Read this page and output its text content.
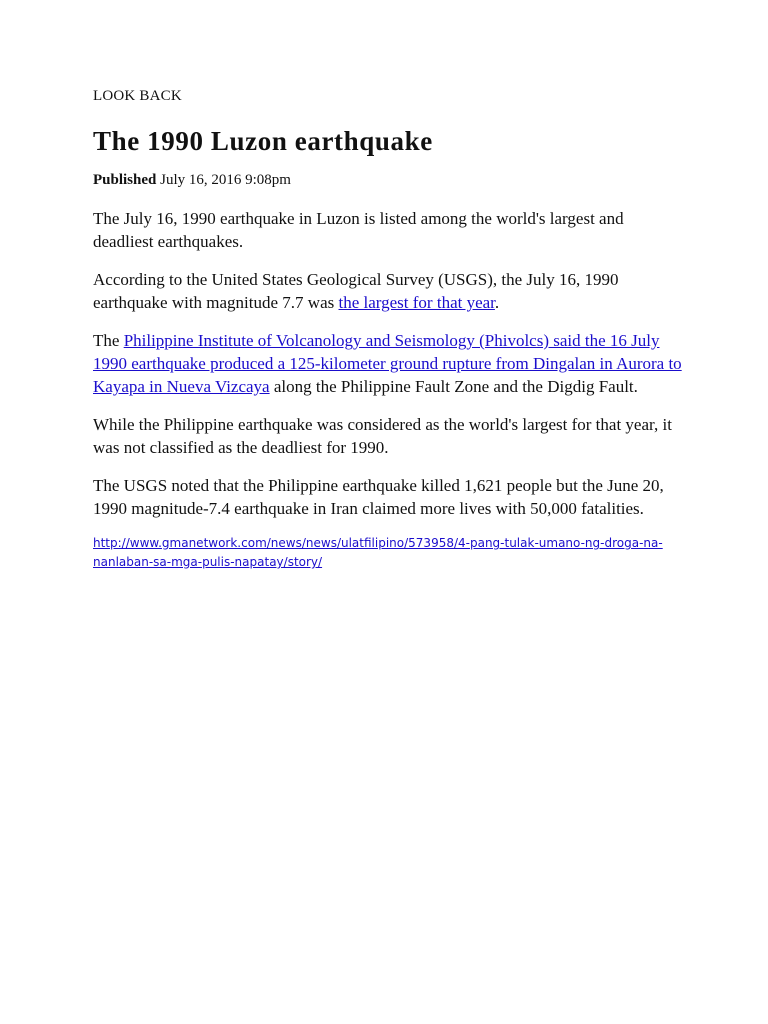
LOOK BACK

The 1990 Luzon earthquake

Published July 16, 2016 9:08pm

The July 16, 1990 earthquake in Luzon is listed among the world's largest and deadliest earthquakes.

According to the United States Geological Survey (USGS), the July 16, 1990 earthquake with magnitude 7.7 was the largest for that year.

The Philippine Institute of Volcanology and Seismology (Phivolcs) said the 16 July 1990 earthquake produced a 125-kilometer ground rupture from Dingalan in Aurora to Kayapa in Nueva Vizcaya along the Philippine Fault Zone and the Digdig Fault.

While the Philippine earthquake was considered as the world's largest for that year, it was not classified as the deadliest for 1990.

The USGS noted that the Philippine earthquake killed 1,621 people but the June 20, 1990 magnitude-7.4 earthquake in Iran claimed more lives with 50,000 fatalities.

http://www.gmanetwork.com/news/news/ulatfilipino/573958/4-pang-tulak-umano-ng-droga-na-nanlaban-sa-mga-pulis-napatay/story/
